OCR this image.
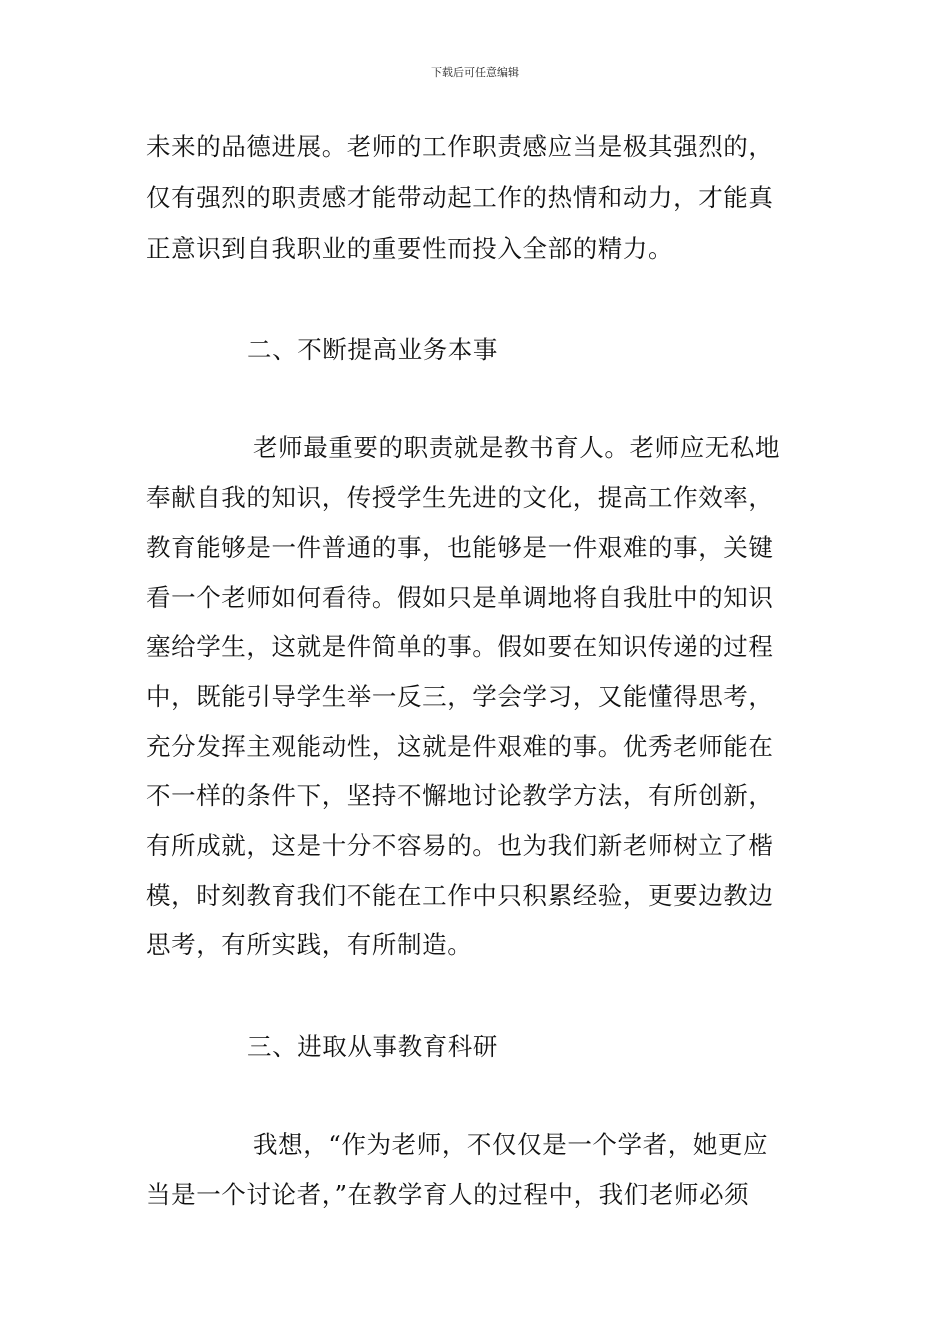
下载后可任意编辑
未来的品德进展。老师的工作职责感应当是极其强烈的，
仅有强烈的职责感才能带动起工作的热情和动力，才能真
正意识到自我职业的重要性而投入全部的精力。
二、不断提高业务本事
老师最重要的职责就是教书育人。老师应无私地
奉献自我的知识，传授学生先进的文化，提高工作效率，
教育能够是一件普通的事，也能够是一件艰难的事，关键
看一个老师如何看待。假如只是单调地将自我肚中的知识
塞给学生，这就是件简单的事。假如要在知识传递的过程
中，既能引导学生举一反三，学会学习，又能懂得思考，
充分发挥主观能动性，这就是件艰难的事。优秀老师能在
不一样的条件下，坚持不懈地讨论教学方法，有所创新，
有所成就，这是十分不容易的。也为我们新老师树立了楷
模，时刻教育我们不能在工作中只积累经验，更要边教边
思考，有所实践，有所制造。
三、进取从事教育科研
我想，“作为老师，不仅仅是一个学者，她更应
当是一个讨论者，”在教学育人的过程中，我们老师必须
